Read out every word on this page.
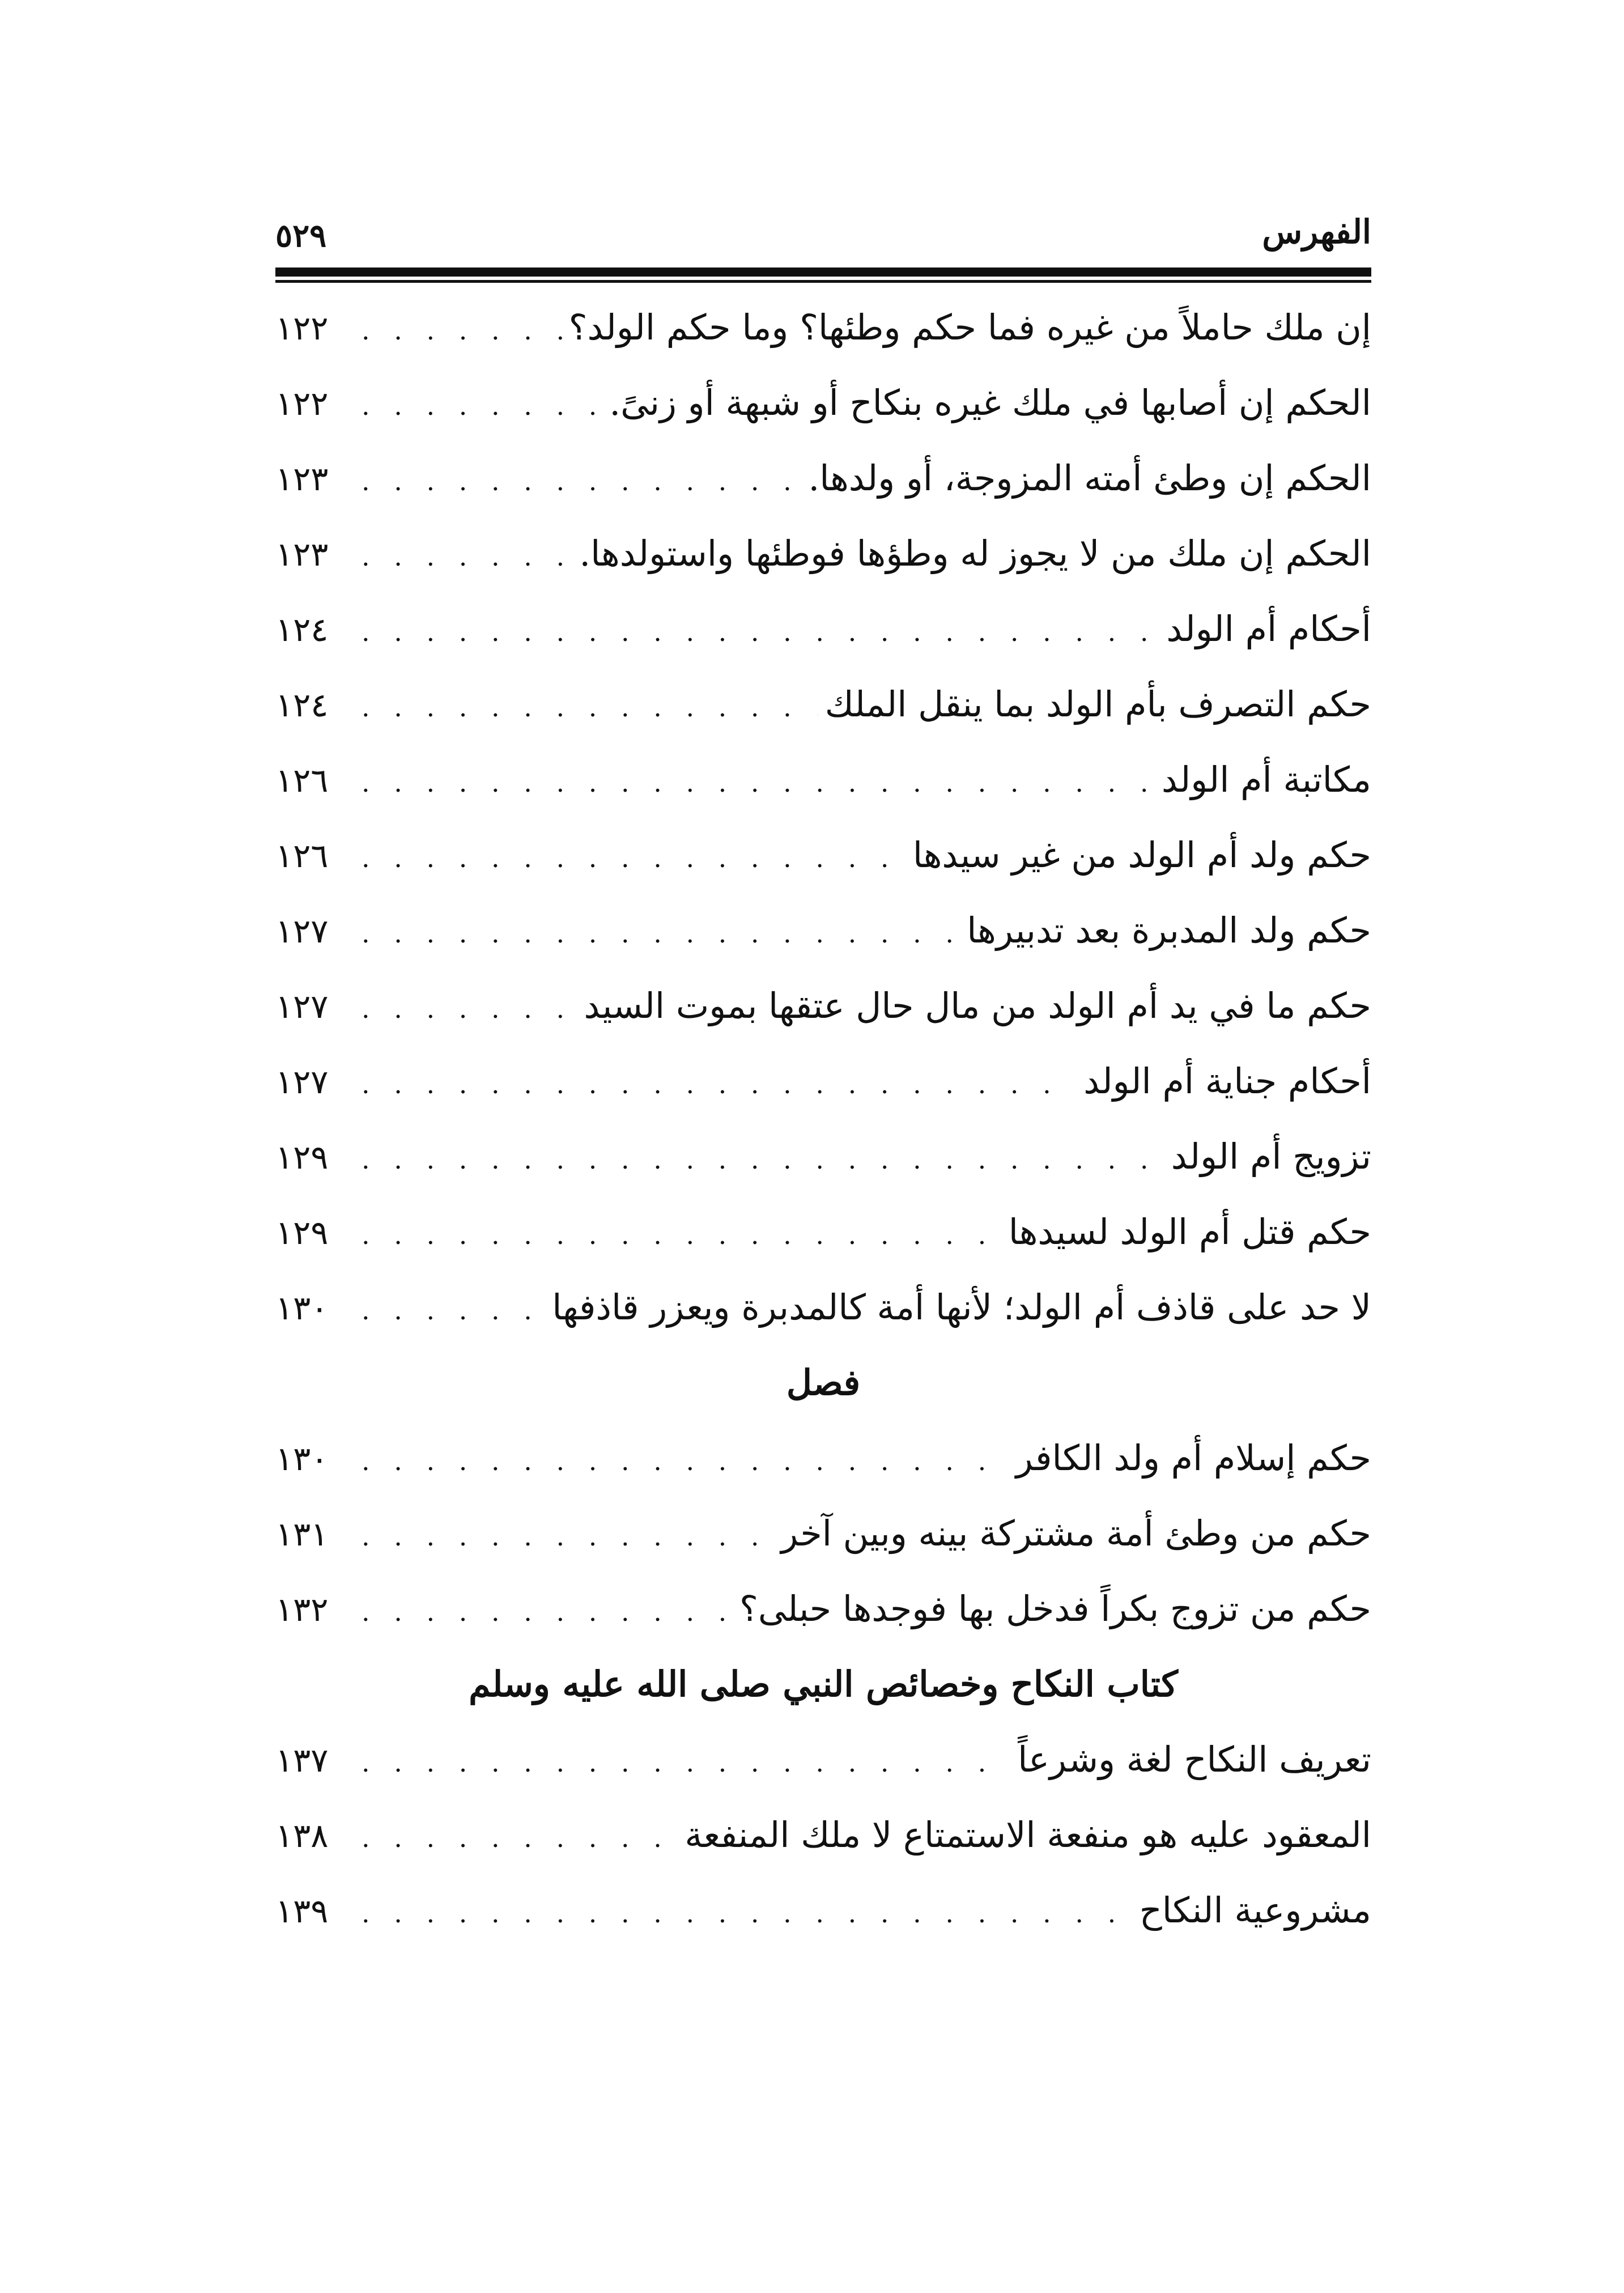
الفهرس
٥٢٩
إن ملك حاملاً من غيره فما حكم وطئها؟ وما حكم الولد؟
. . .
١٢٢
الحكم إن أصابها في ملك غيره بنكاح أو شبهة أو زنىً.
. . .
١٢٢
الحكم إن وطئ أمته المزوجة، أو ولدها.
. . .
١٢٣
الحكم إن ملك من لا يجوز له وطؤها فوطئها واستولدها.
. . .
١٢٣
أحكام أم الولد
. . .
١٢٤
حكم التصرف بأم الولد بما ينقل الملك
. . .
١٢٤
مكاتبة أم الولد
. . .
١٢٦
حكم ولد أم الولد من غير سيدها
. . .
١٢٦
حكم ولد المدبرة بعد تدبيرها
. . .
١٢٧
حكم ما في يد أم الولد من مال حال عتقها بموت السيد
. . .
١٢٧
أحكام جناية أم الولد
. . .
١٢٧
تزويج أم الولد
. . .
١٢٩
حكم قتل أم الولد لسيدها
. . .
١٢٩
لا حد على قاذف أم الولد؛ لأنها أمة كالمدبرة ويعزر قاذفها
. . .
١٣٠
فصل
حكم إسلام أم ولد الكافر
. . .
١٣٠
حكم من وطئ أمة مشتركة بينه وبين آخر
. . .
١٣١
حكم من تزوج بكراً فدخل بها فوجدها حبلى؟
. . .
١٣٢
كتاب النكاح وخصائص النبي صلى الله عليه وسلم
تعريف النكاح لغة وشرعاً
. . .
١٣٧
المعقود عليه هو منفعة الاستمتاع لا ملك المنفعة
. . .
١٣٨
مشروعية النكاح
. . .
١٣٩
